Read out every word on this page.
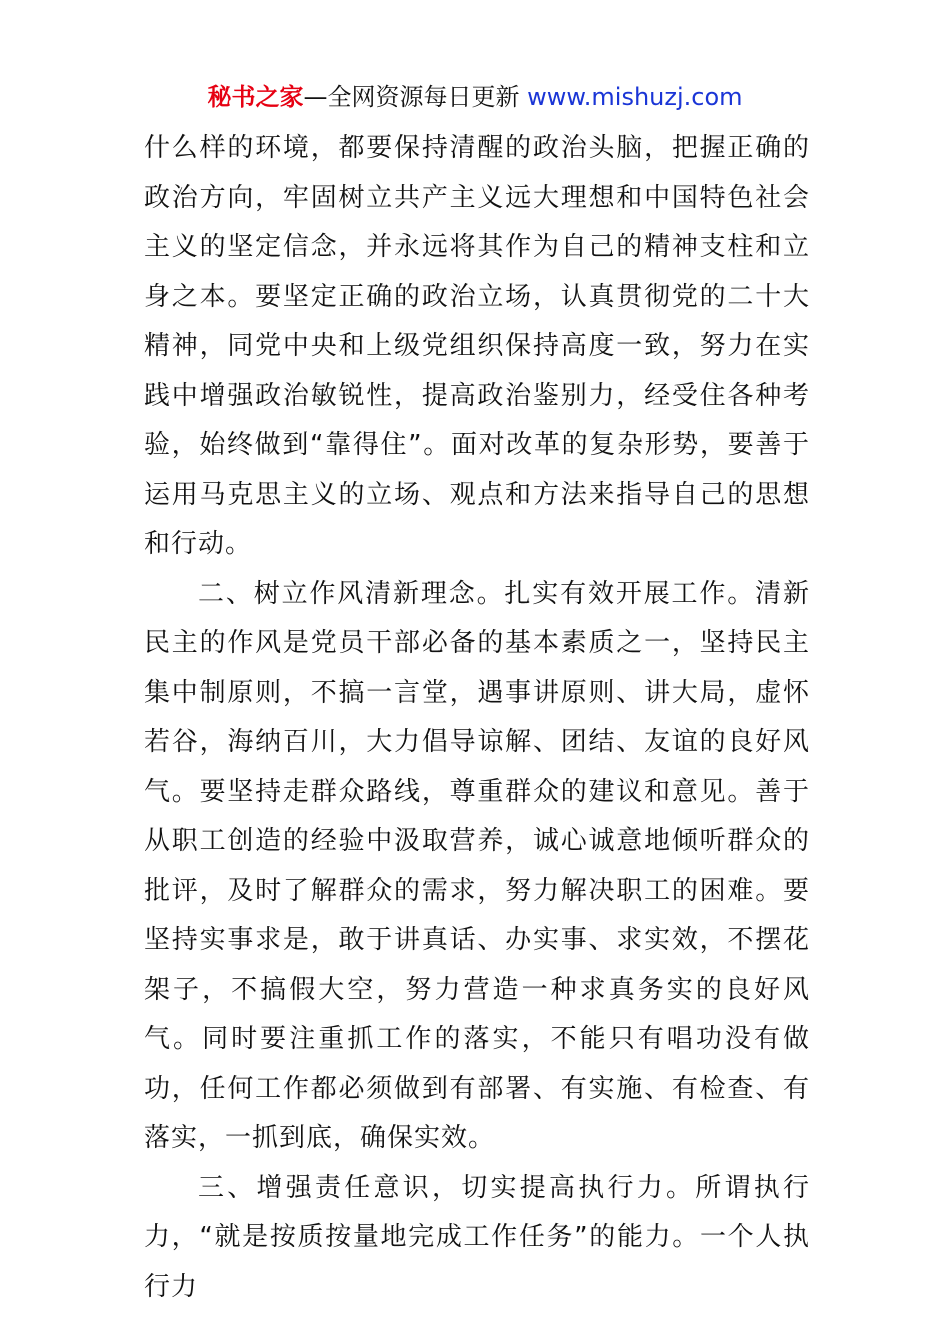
秘书之家—全网资源每日更新 www.mishuzj.com

什么样的环境，都要保持清醒的政治头脑，把握正确的政治方向，牢固树立共产主义远大理想和中国特色社会主义的坚定信念，并永远将其作为自己的精神支柱和立身之本。要坚定正确的政治立场，认真贯彻党的二十大精神，同党中央和上级党组织保持高度一致，努力在实践中增强政治敏锐性，提高政治鉴别力，经受住各种考验，始终做到“靠得住”。面对改革的复杂形势，要善于运用马克思主义的立场、观点和方法来指导自己的思想和行动。

二、树立作风清新理念。扎实有效开展工作。清新民主的作风是党员干部必备的基本素质之一，坚持民主集中制原则，不搞一言堂，遇事讲原则、讲大局，虚怀若谷，海纳百川，大力倡导谅解、团结、友谊的良好风气。要坚持走群众路线，尊重群众的建议和意见。善于从职工创造的经验中汲取营养，诚心诚意地倾听群众的批评，及时了解群众的需求，努力解决职工的困难。要坚持实事求是，敢于讲真话、办实事、求实效，不摆花架子，不搞假大空，努力营造一种求真务实的良好风气。同时要注重抓工作的落实，不能只有唱功没有做功，任何工作都必须做到有部署、有实施、有检查、有落实，一抓到底，确保实效。

三、增强责任意识，切实提高执行力。所谓执行力，“就是按质按量地完成工作任务”的能力。一个人执行力
